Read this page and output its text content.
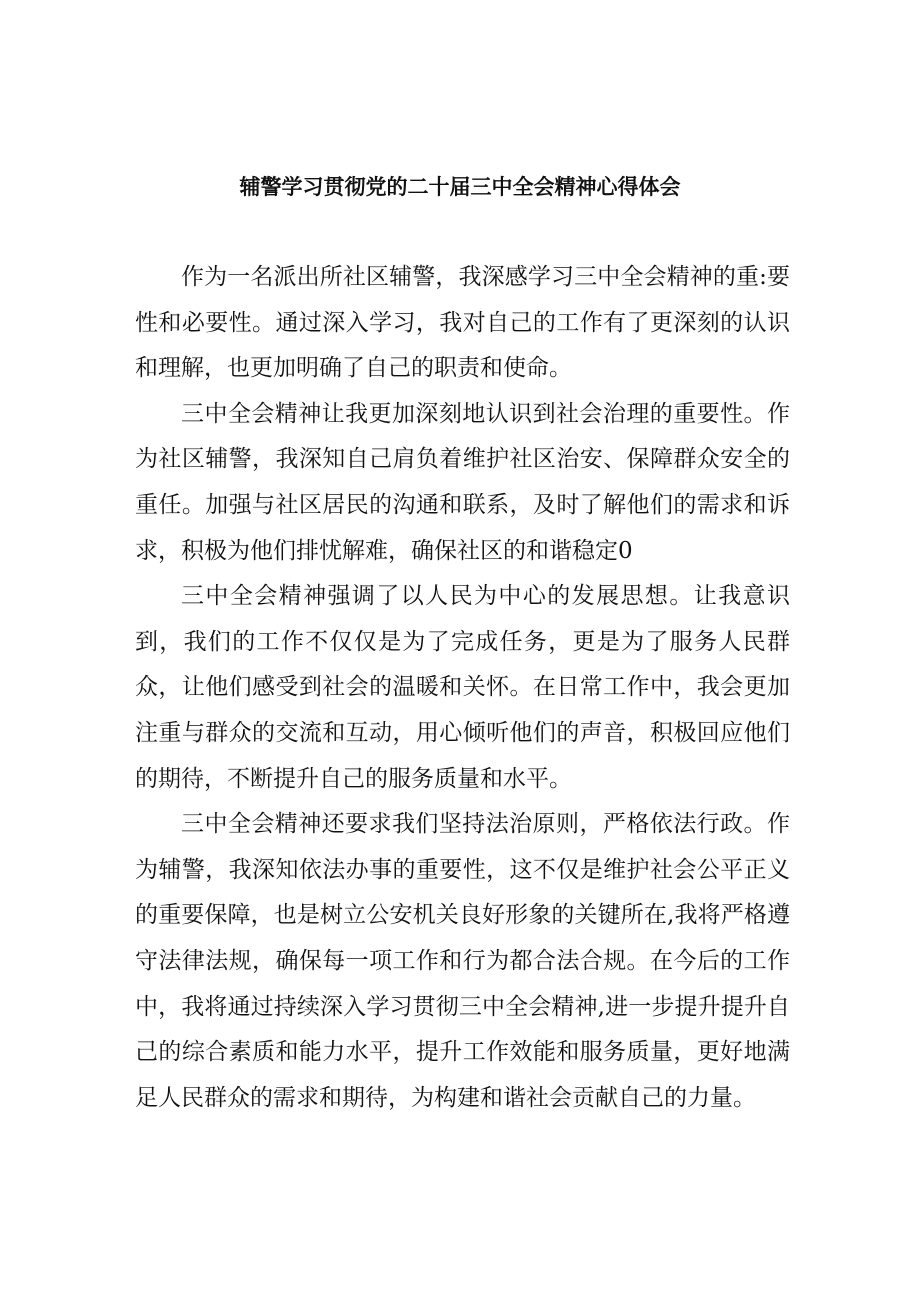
辅警学习贯彻党的二十届三中全会精神心得体会

作为一名派出所社区辅警，我深感学习三中全会精神的重:要性和必要性。通过深入学习，我对自己的工作有了更深刻的认识和理解，也更加明确了自己的职责和使命。

三中全会精神让我更加深刻地认识到社会治理的重要性。作为社区辅警，我深知自己肩负着维护社区治安、保障群众安全的重任。加强与社区居民的沟通和联系，及时了解他们的需求和诉求，积极为他们排忧解难，确保社区的和谐稳定0

三中全会精神强调了以人民为中心的发展思想。让我意识到，我们的工作不仅仅是为了完成任务，更是为了服务人民群众，让他们感受到社会的温暖和关怀。在日常工作中，我会更加注重与群众的交流和互动，用心倾听他们的声音，积极回应他们的期待，不断提升自己的服务质量和水平。

三中全会精神还要求我们坚持法治原则，严格依法行政。作为辅警，我深知依法办事的重要性，这不仅是维护社会公平正义的重要保障，也是树立公安机关良好形象的关键所在,我将严格遵守法律法规，确保每一项工作和行为都合法合规。在今后的工作中，我将通过持续深入学习贯彻三中全会精神,进一步提升提升自己的综合素质和能力水平，提升工作效能和服务质量，更好地满足人民群众的需求和期待，为构建和谐社会贡献自己的力量。
